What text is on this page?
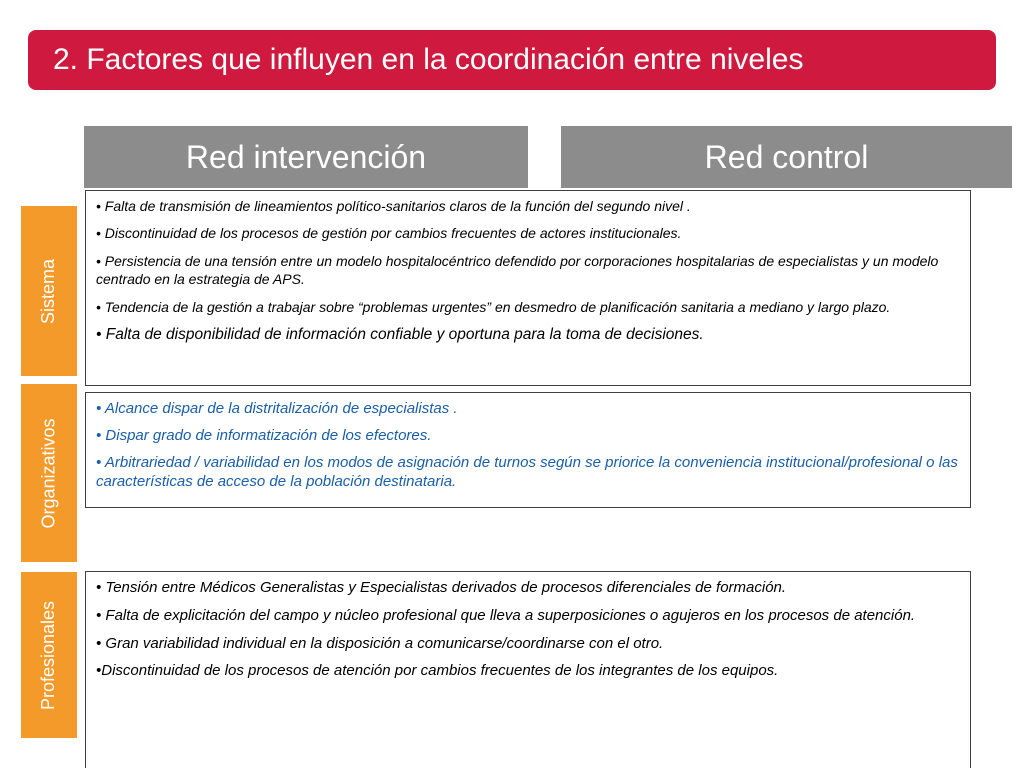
2. Factores que influyen en la coordinación entre niveles
Red intervención	Red control
Sistema
Organizativos
Profesionales

• Falta de transmisión de lineamientos político-sanitarios claros de la función del segundo nivel .

• Discontinuidad de los procesos de gestión por cambios frecuentes de actores institucionales.

• Persistencia de una tensión entre un modelo hospitalocéntrico defendido por corporaciones hospitalarias de especialistas y un modelo centrado en la estrategia de APS.

• Tendencia de la gestión a trabajar sobre “problemas urgentes” en desmedro de planificación sanitaria a mediano y largo plazo.

• Falta de disponibilidad de información confiable y oportuna para la toma de decisiones.

• Alcance dispar de la distritalización de especialistas .

• Dispar grado de informatización de los efectores.

• Arbitrariedad / variabilidad en los modos de asignación de turnos según se priorice la conveniencia institucional/profesional o las características de acceso de la población destinataria.

• Tensión entre Médicos Generalistas y Especialistas derivados de procesos diferenciales de formación.

• Falta de explicitación del campo y núcleo profesional que lleva a superposiciones o agujeros en los procesos de atención.

• Gran variabilidad individual en la disposición a comunicarse/coordinarse con el otro.

•Discontinuidad de los procesos de atención por cambios frecuentes de los integrantes de los equipos.
